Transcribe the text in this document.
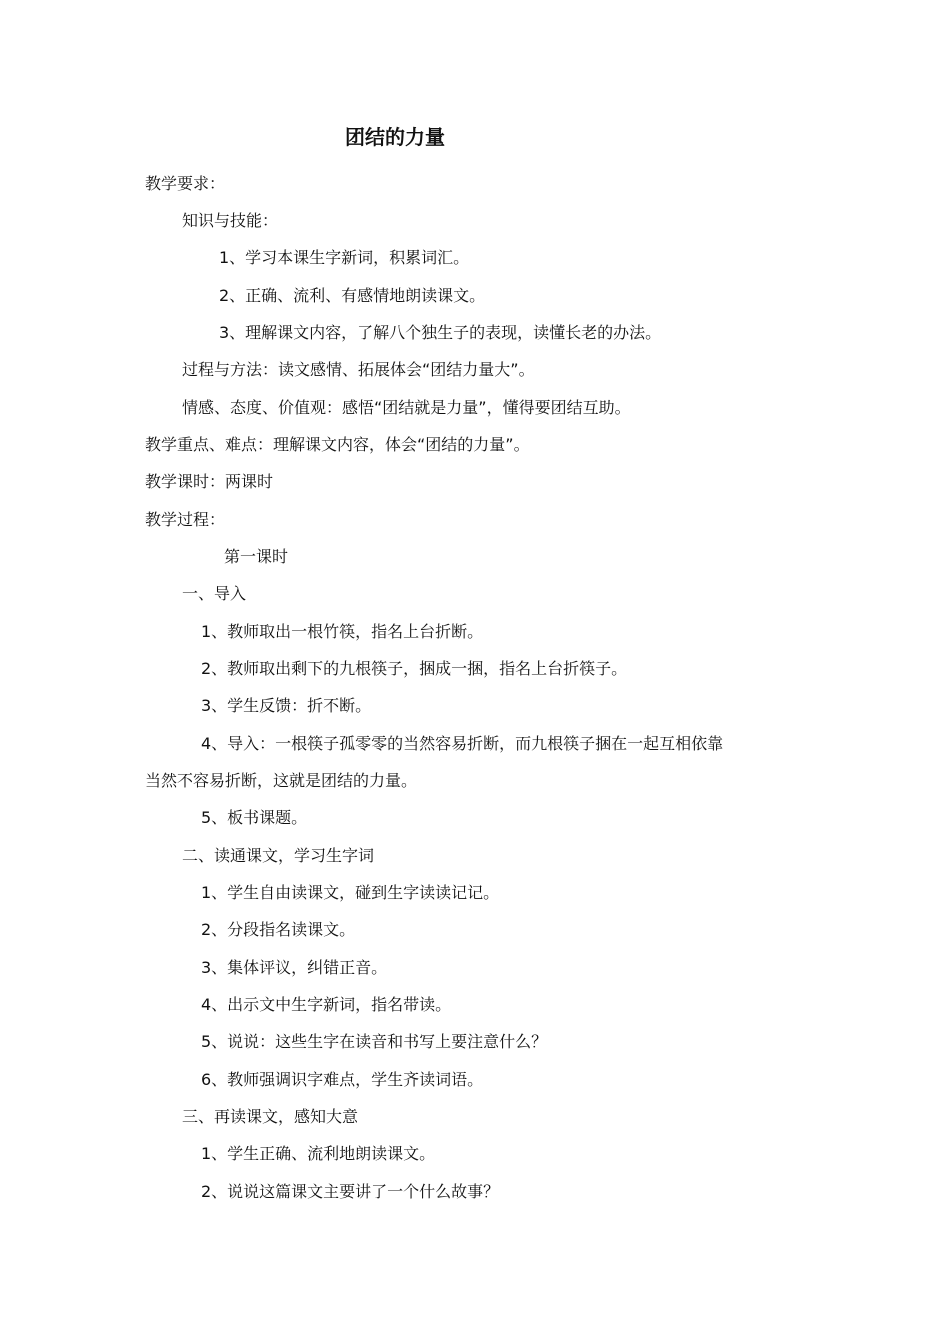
团结的力量
教学要求：
知识与技能：
1、学习本课生字新词，积累词汇。
2、正确、流利、有感情地朗读课文。
3、理解课文内容，了解八个独生子的表现，读懂长老的办法。
过程与方法：读文感情、拓展体会“团结力量大”。
情感、态度、价值观：感悟“团结就是力量”，懂得要团结互助。
教学重点、难点：理解课文内容，体会“团结的力量”。
教学课时：两课时
教学过程：
第一课时
一、导入
1、教师取出一根竹筷，指名上台折断。
2、教师取出剩下的九根筷子，捆成一捆，指名上台折筷子。
3、学生反馈：折不断。
4、导入：一根筷子孤零零的当然容易折断，而九根筷子捆在一起互相依靠
当然不容易折断，这就是团结的力量。
5、板书课题。
二、读通课文，学习生字词
1、学生自由读课文，碰到生字读读记记。
2、分段指名读课文。
3、集体评议，纠错正音。
4、出示文中生字新词，指名带读。
5、说说：这些生字在读音和书写上要注意什么？
6、教师强调识字难点，学生齐读词语。
三、再读课文，感知大意
1、学生正确、流利地朗读课文。
2、说说这篇课文主要讲了一个什么故事？
